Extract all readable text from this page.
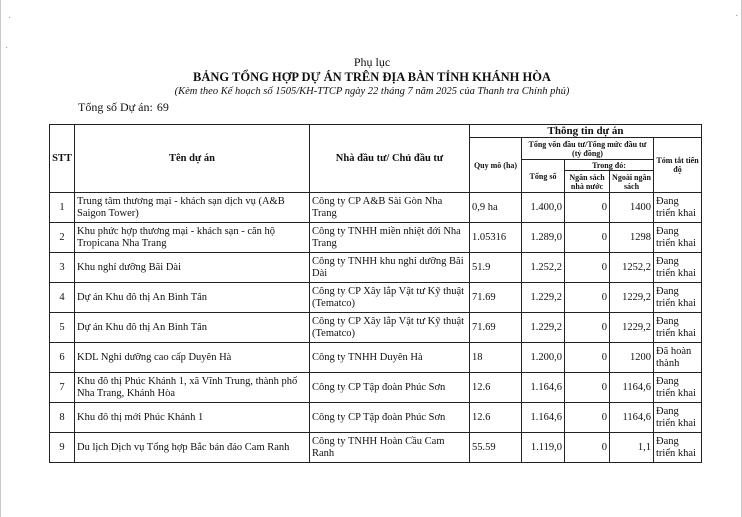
·
·
·
Phụ lục
BẢNG TỔNG HỢP DỰ ÁN TRÊN ĐỊA BÀN TỈNH KHÁNH HÒA
(Kèm theo Kế hoạch số 1505/KH-TTCP ngày 22 tháng 7 năm 2025 của Thanh tra Chính phủ)
Tổng số Dự án: 69
STT	Tên dự án	Nhà đầu tư/ Chủ đầu tư	Thông tin dự án				
			Quy mô (ha)	Tổng vốn đầu tư/Tổng mức đầu tư (tỷ đồng)			Tóm tắt tiến độ
				Tổng số	Trong đó:		
					Ngân sách nhà nước	Ngoài ngân sách	
1	Trung tâm thương mại - khách sạn dịch vụ (A&B Saigon Tower)	Công ty CP A&B Sài Gòn Nha Trang	0,9 ha	1.400,0	0	1400	Đang triển khai
2	Khu phức hợp thương mại - khách sạn - căn hộ Tropicana Nha Trang	Công ty TNHH miền nhiệt đới Nha Trang	1.05316	1.289,0	0	1298	Đang triển khai
3	Khu nghỉ dưỡng Bãi Dài	Công ty TNHH khu nghỉ dưỡng Bãi Dài	51.9	1.252,2	0	1252,2	Đang triển khai
4	Dự án Khu đô thị An Bình Tân	Công ty CP Xây lắp Vật tư Kỹ thuật (Tematco)	71.69	1.229,2	0	1229,2	Đang triển khai
5	Dự án Khu đô thị An Bình Tân	Công ty CP Xây lắp Vật tư Kỹ thuật (Tematco)	71.69	1.229,2	0	1229,2	Đang triển khai
6	KDL Nghỉ dưỡng cao cấp Duyên Hà	Công ty TNHH Duyên Hà	18	1.200,0	0	1200	Đã hoàn thành
7	Khu đô thị Phúc Khánh 1, xã Vĩnh Trung, thành phố Nha Trang, Khánh Hòa	Công ty CP Tập đoàn Phúc Sơn	12.6	1.164,6	0	1164,6	Đang triển khai
8	Khu đô thị mới Phúc Khánh 1	Công ty CP Tập đoàn Phúc Sơn	12.6	1.164,6	0	1164,6	Đang triển khai
9	Du lịch Dịch vụ Tổng hợp Bắc bán đảo Cam Ranh	Công ty TNHH Hoàn Cầu Cam Ranh	55.59	1.119,0	0	1,1	Đang triển khai
